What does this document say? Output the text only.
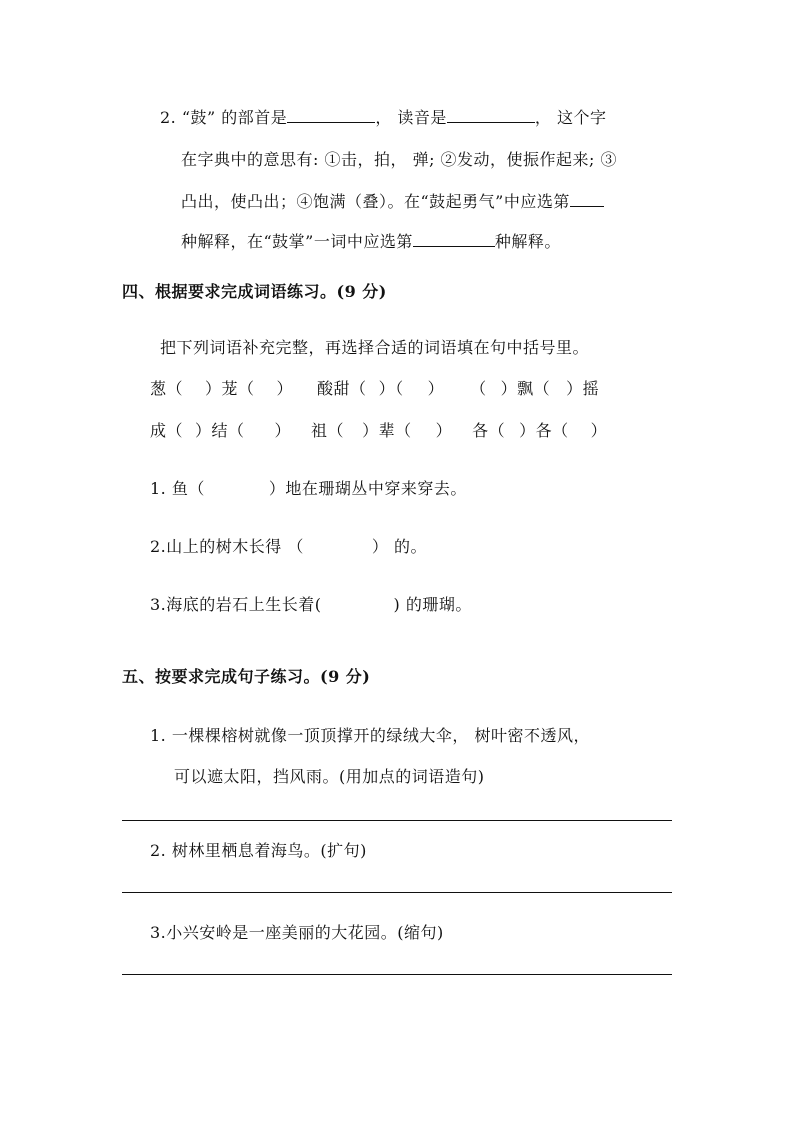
2. “鼓” 的部首是	， 读音是	， 这个字
在字典中的意思有: ①击，拍， 弹; ②发动，使振作起来; ③
凸出，使凸出；④饱满（叠）。在“鼓起勇气”中应选第
种解释，在“鼓掌”一词中应选第	种解释。
四、根据要求完成词语练习。(9 分)
把下列词语补充完整，再选择合适的词语填在句中括号里。
葱（ ）茏（ ） 酸甜（ ）（ ） （ ）飘（ ）摇
成（ ）结（ ） 祖（ ）辈（ ） 各（ ）各（ ）
1. 鱼（	）地在珊瑚丛中穿来穿去。
2.山上的树木长得 （	） 的。
3.海底的岩石上生长着(	) 的珊瑚。
五、按要求完成句子练习。(9 分)
1. 一棵棵榕树就像一顶顶撑开的绿绒大伞， 树叶密不透风，
可以遮太阳，挡风雨。(用加点的词语造句)
2. 树林里栖息着海鸟。(扩句)
3.小兴安岭是一座美丽的大花园。(缩句)
